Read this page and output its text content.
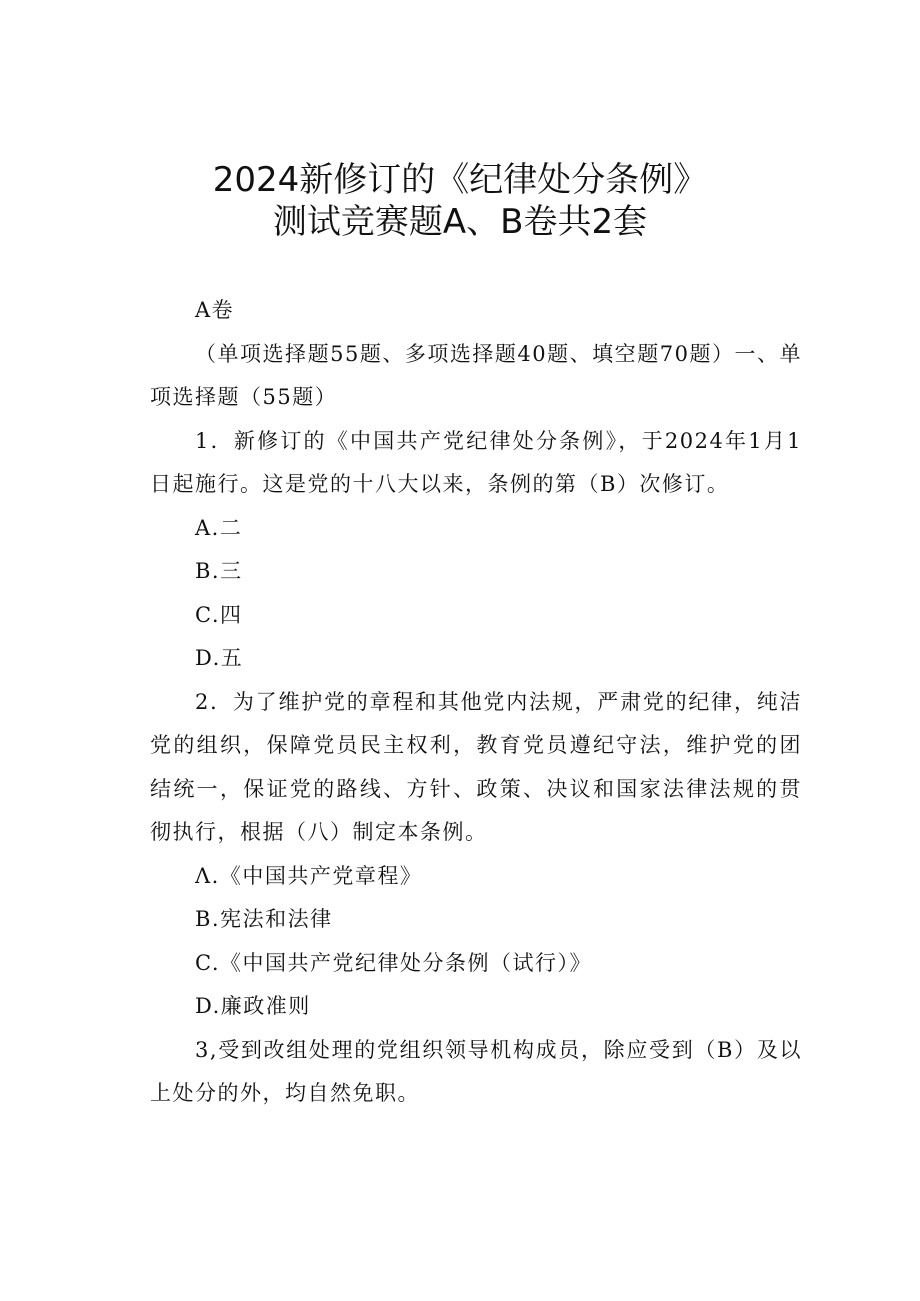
2024新修订的《纪律处分条例》
测试竞赛题A、B卷共2套

A卷

（单项选择题55题、多项选择题40题、填空题70题）一、单项选择题（55题）

1．新修订的《中国共产党纪律处分条例》，于2024年1月1日起施行。这是党的十八大以来，条例的第（B）次修订。

A.二

B.三

C.四

D.五

2．为了维护党的章程和其他党内法规，严肃党的纪律，纯洁党的组织，保障党员民主权利，教育党员遵纪守法，维护党的团结统一，保证党的路线、方针、政策、决议和国家法律法规的贯彻执行，根据（八）制定本条例。

Λ.《中国共产党章程》

B.宪法和法律

C.《中国共产党纪律处分条例（试行）》

D.廉政准则

3,受到改组处理的党组织领导机构成员，除应受到（B）及以上处分的外，均自然免职。
